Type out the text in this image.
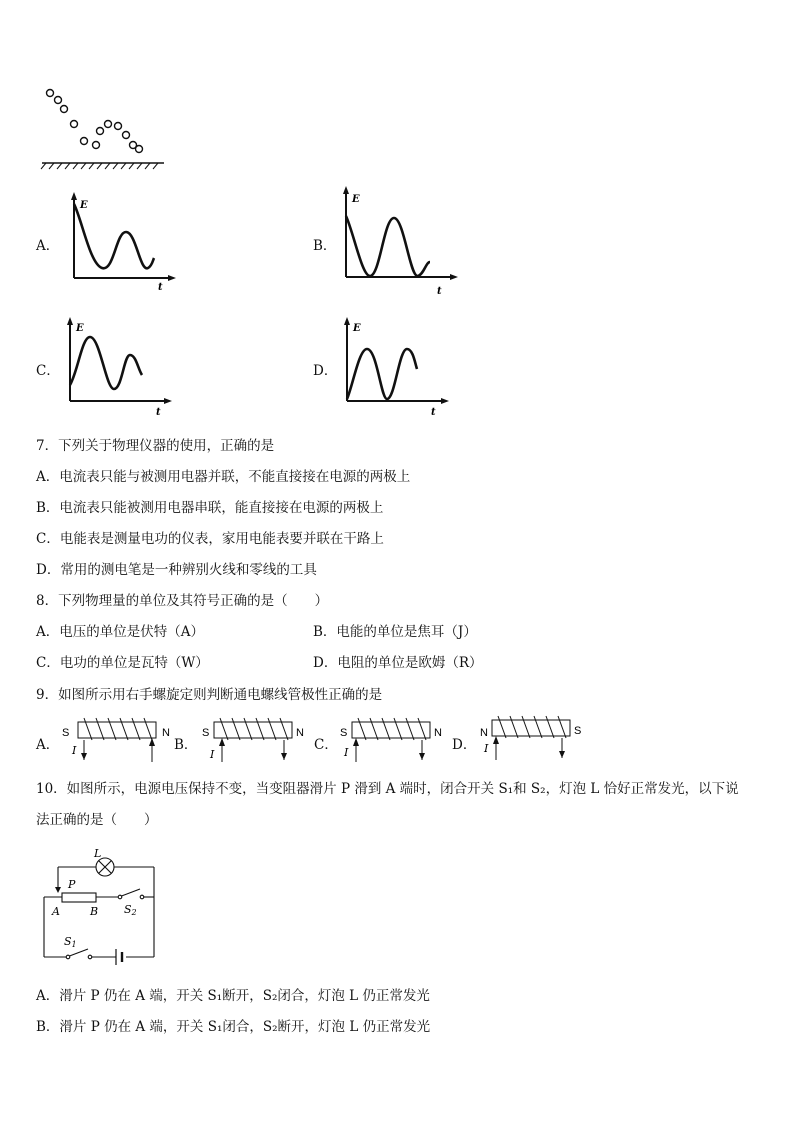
A．	B．
C．	D．
E
t
E
t
E
t
E
t
7．下列关于物理仪器的使用，正确的是
A．电流表只能与被测用电器并联，不能直接接在电源的两极上
B．电流表只能被测用电器串联，能直接接在电源的两极上
C．电能表是测量电功的仪表，家用电能表要并联在干路上
D．常用的测电笔是一种辨别火线和零线的工具
8．下列物理量的单位及其符号正确的是（　　）
A．电压的单位是伏特（A）	B．电能的单位是焦耳（J）
C．电功的单位是瓦特（W）	D．电阻的单位是欧姆（R）
9．如图所示用右手螺旋定则判断通电螺线管极性正确的是
A．	B．	C．	D．
S	N
I
S	N
I
S	N
I
N	S
I
10．如图所示，电源电压保持不变，当变阻器滑片 P 滑到 A 端时，闭合开关 S₁和 S₂，灯泡 L 恰好正常发光，以下说
法正确的是（　　）
L
P
A	B S2
S1
A．滑片 P 仍在 A 端，开关 S₁断开，S₂闭合，灯泡 L 仍正常发光
B．滑片 P 仍在 A 端，开关 S₁闭合，S₂断开，灯泡 L 仍正常发光
